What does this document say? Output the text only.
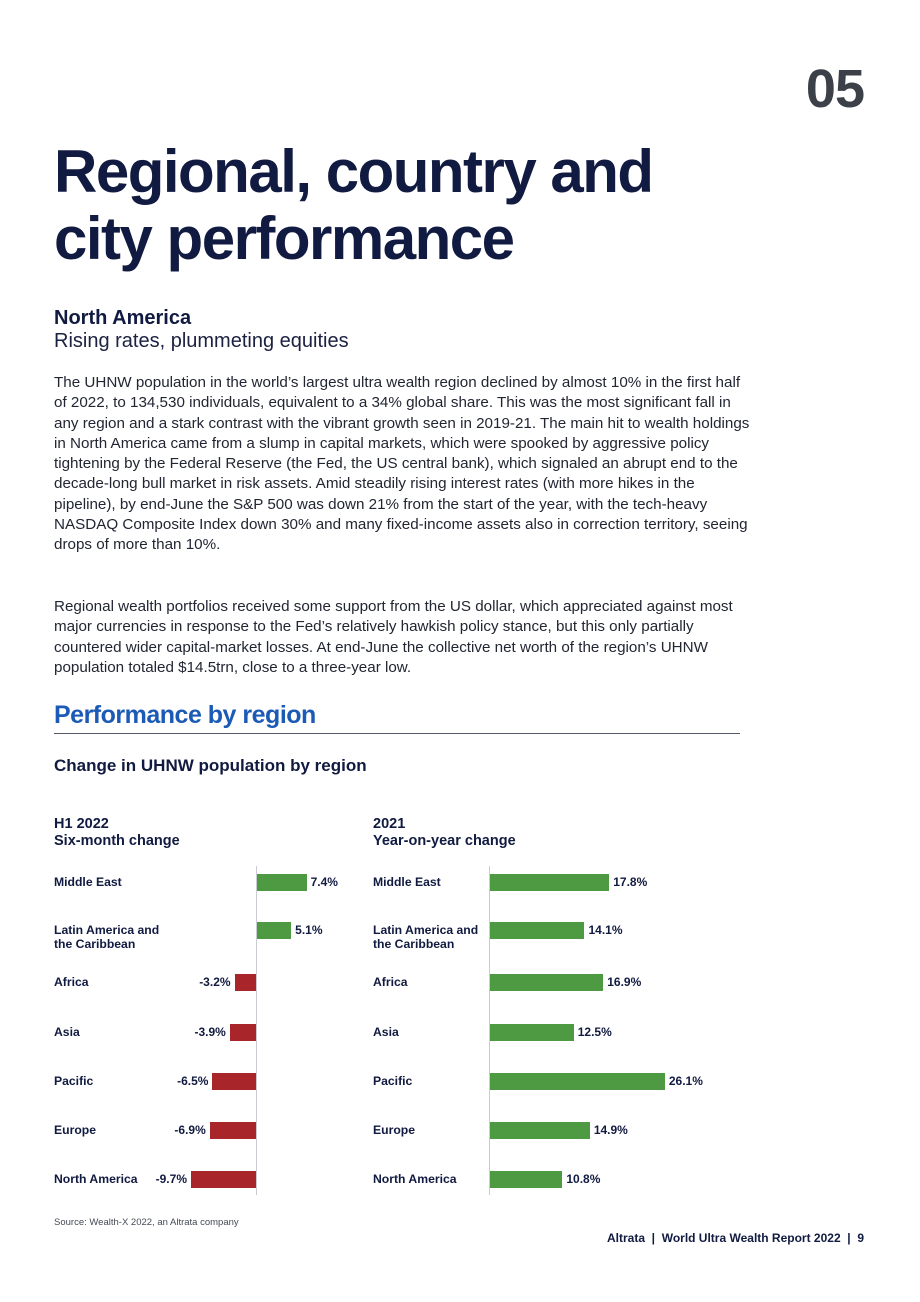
05
Regional, country and
city performance
North America
Rising rates, plummeting equities

The UHNW population in the world’s largest ultra wealth region declined by almost 10% in the first half of 2022, to 134,530 individuals, equivalent to a 34% global share. This was the most significant fall in any region and a stark contrast with the vibrant growth seen in 2019-21. The main hit to wealth holdings in North America came from a slump in capital markets, which were spooked by aggressive policy tightening by the Federal Reserve (the Fed, the US central bank), which signaled an abrupt end to the decade-long bull market in risk assets. Amid steadily rising interest rates (with more hikes in the pipeline), by end-June the S&P 500 was down 21% from the start of the year, with the tech-heavy NASDAQ Composite Index down 30% and many fixed-income assets also in correction territory, seeing drops of more than 10%.

Regional wealth portfolios received some support from the US dollar, which appreciated against most major currencies in response to the Fed’s relatively hawkish policy stance, but this only partially countered wider capital-market losses. At end-June the collective net worth of the region’s UHNW population totaled $14.5trn, close to a three-year low.

Performance by region
Change in UHNW population by region
H1 2022
Six-month change
2021
Year-on-year change
Source: Wealth-X 2022, an Altrata company
Altrata  |  World Ultra Wealth Report 2022  |  9
Middle East	7.4%
Latin America and
the Caribbean
5.1%
Africa	-3.2%
Asia	-3.9%
Pacific	-6.5%
Europe	-6.9%
North America	-9.7%
Middle East	17.8%
Latin America and
the Caribbean
14.1%
Africa	16.9%
Asia	12.5%
Pacific	26.1%
Europe	14.9%
North America	10.8%
